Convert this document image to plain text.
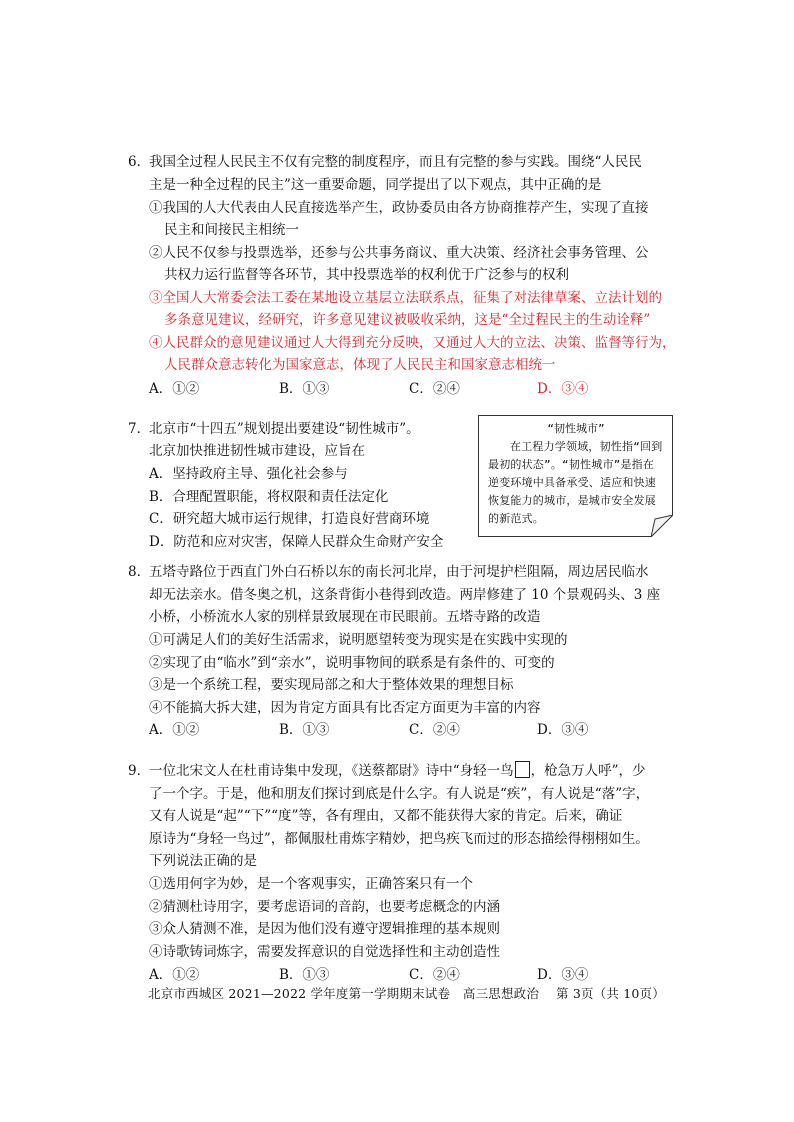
6．
我国全过程人民民主不仅有完整的制度程序，而且有完整的参与实践。围绕“人民民
主是一种全过程的民主”这一重要命题，同学提出了以下观点，其中正确的是
①我国的人大代表由人民直接选举产生，政协委员由各方协商推荐产生，实现了直接
民主和间接民主相统一
②人民不仅参与投票选举，还参与公共事务商议、重大决策、经济社会事务管理、公
共权力运行监督等各环节，其中投票选举的权利优于广泛参与的权利
③全国人大常委会法工委在某地设立基层立法联系点，征集了对法律草案、立法计划的
多条意见建议，经研究，许多意见建议被吸收采纳，这是“全过程民主的生动诠释”
④人民群众的意见建议通过人大得到充分反映，又通过人大的立法、决策、监督等行为，
人民群众意志转化为国家意志，体现了人民民主和国家意志相统一
A．①②	B．①③	C．②④	D．③④
7．
北京市“十四五”规划提出要建设“韧性城市”。
北京加快推进韧性城市建设，应旨在
A．坚持政府主导、强化社会参与
B．合理配置职能，将权限和责任法定化
C．研究超大城市运行规律，打造良好营商环境
D．防范和应对灾害，保障人民群众生命财产安全
“韧性城市”
在工程力学领域，韧性指“回到最初的状态”。“韧性城市”是指在逆变环境中具备承受、适应和快速恢复能力的城市，是城市安全发展的新范式。
8．
五塔寺路位于西直门外白石桥以东的南长河北岸，由于河堤护栏阻隔，周边居民临水
却无法亲水。借冬奥之机，这条背街小巷得到改造。两岸修建了 10 个景观码头、3 座
小桥，小桥流水人家的别样景致展现在市民眼前。五塔寺路的改造
①可满足人们的美好生活需求，说明愿望转变为现实是在实践中实现的
②实现了由“临水”到“亲水”，说明事物间的联系是有条件的、可变的
③是一个系统工程，要实现局部之和大于整体效果的理想目标
④不能搞大拆大建，因为肯定方面具有比否定方面更为丰富的内容
A．①②	B．①③	C．②④	D．③④
9．
一位北宋文人在杜甫诗集中发现，《送蔡都尉》诗中“身轻一鸟 ，枪急万人呼”，少
了一个字。于是，他和朋友们探讨到底是什么字。有人说是“疾”，有人说是“落”字，
又有人说是“起”“下”“度”等，各有理由，又都不能获得大家的肯定。后来，确证
原诗为“身轻一鸟过”，都佩服杜甫炼字精妙，把鸟疾飞而过的形态描绘得栩栩如生。
下列说法正确的是
①选用何字为妙，是一个客观事实，正确答案只有一个
②猜测杜诗用字，要考虑语词的音韵，也要考虑概念的内涵
③众人猜测不准，是因为他们没有遵守逻辑推理的基本规则
④诗歌铸词炼字，需要发挥意识的自觉选择性和主动创造性
A．①②	B．①③	C．②④	D．③④
北京市西城区 2021—2022 学年度第一学期期末试卷　高三思想政治　 第 3页（共 10页）
